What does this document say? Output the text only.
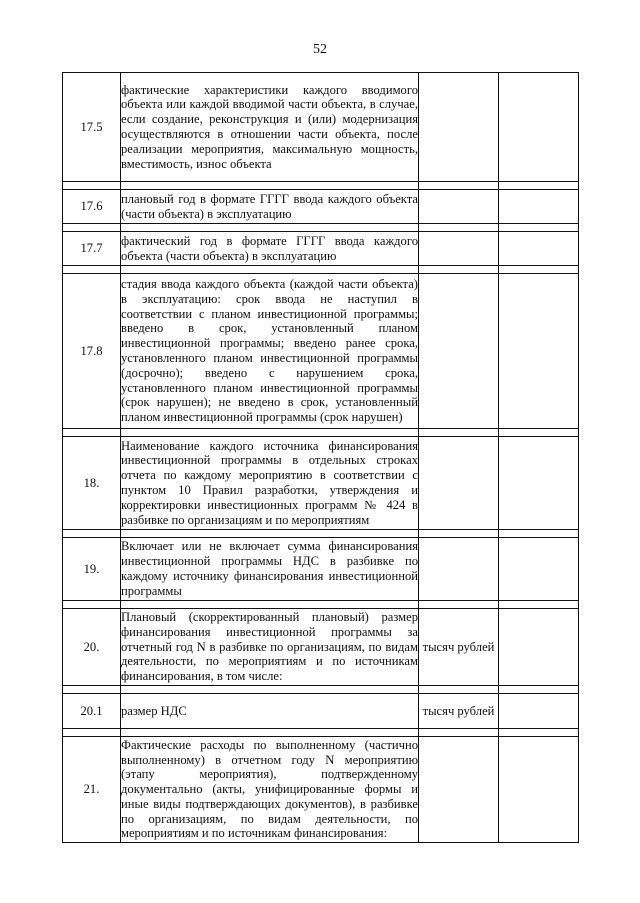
52
17.5	фактические характеристики каждого вводимого объекта или каждой вводимой части объекта, в случае, если создание, реконструкция и (или) модернизация осуществляются в отношении части объекта, после реализации мероприятия, максимальную мощность, вместимость, износ объекта		

17.6	плановый год в формате ГГГГ ввода каждого объекта (части объекта) в эксплуатацию		

17.7	фактический год в формате ГГГГ ввода каждого объекта (части объекта) в эксплуатацию		

17.8	стадия ввода каждого объекта (каждой части объекта) в эксплуатацию: срок ввода не наступил в соответствии с планом инвестиционной программы; введено в срок, установленный планом инвестиционной программы; введено ранее срока, установленного планом инвестиционной программы (досрочно); введено с нарушением срока, установленного планом инвестиционной программы (срок нарушен); не введено в срок, установленный планом инвестиционной программы (срок нарушен)		

18.	Наименование каждого источника финансирования инвестиционной программы в отдельных строках отчета по каждому мероприятию в соответствии с пунктом 10 Правил разработки, утверждения и корректировки инвестиционных программ № 424 в разбивке по организациям и по мероприятиям		

19.	Включает или не включает сумма финансирования инвестиционной программы НДС в разбивке по каждому источнику финансирования инвестиционной программы		

20.	Плановый (скорректированный плановый) размер финансирования инвестиционной программы за отчетный год N в разбивке по организациям, по видам деятельности, по мероприятиям и по источникам финансирования, в том числе:	тысяч рублей	

20.1	размер НДС	тысяч рублей	

21.	Фактические расходы по выполненному (частично выполненному) в отчетном году N мероприятию (этапу мероприятия), подтвержденному документально (акты, унифицированные формы и иные виды подтверждающих документов), в разбивке по организациям, по видам деятельности, по мероприятиям и по источникам финансирования:		
